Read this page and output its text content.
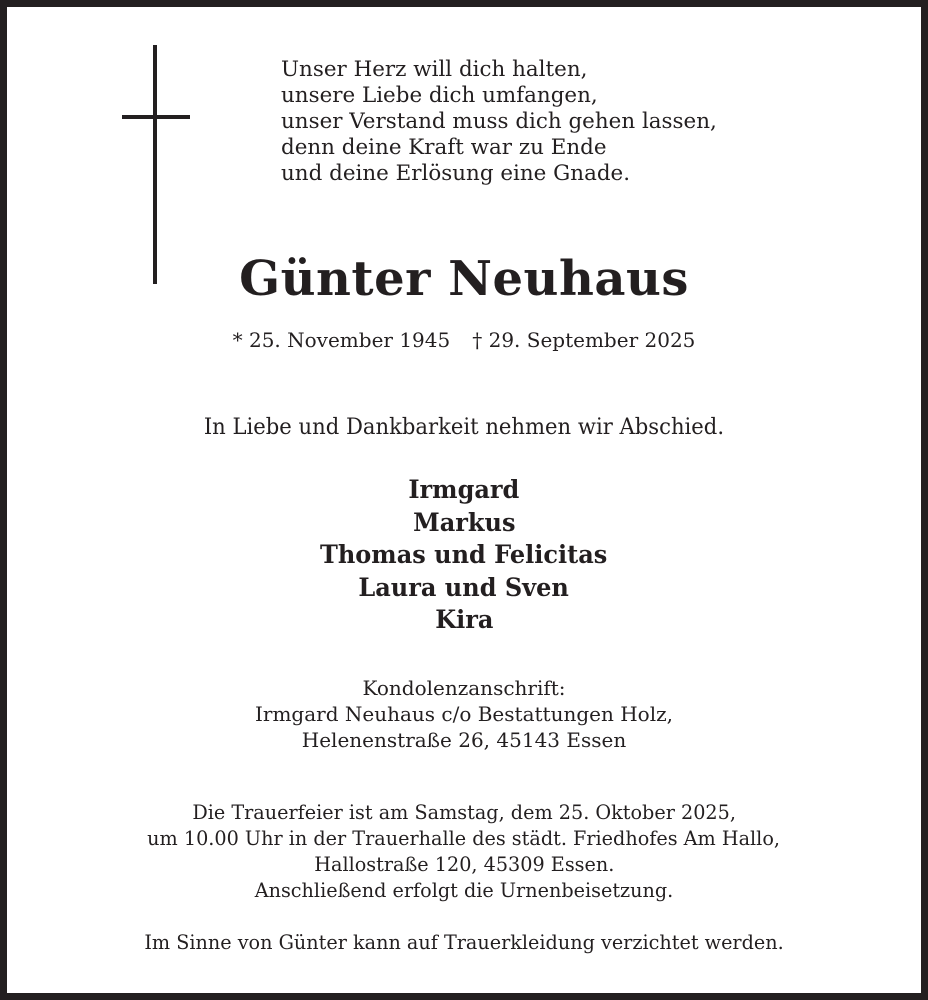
Unser Herz will dich halten,
unsere Liebe dich umfangen,
unser Verstand muss dich gehen lassen,
denn deine Kraft war zu Ende
und deine Erlösung eine Gnade.
Günter Neuhaus
* 25. November 1945 † 29. September 2025
In Liebe und Dankbarkeit nehmen wir Abschied.
Irmgard
Markus
Thomas und Felicitas
Laura und Sven
Kira
Kondolenzanschrift:
Irmgard Neuhaus c/o Bestattungen Holz,
Helenenstraße 26, 45143 Essen
Die Trauerfeier ist am Samstag, dem 25. Oktober 2025,
um 10.00 Uhr in der Trauerhalle des städt. Friedhofes Am Hallo,
Hallostraße 120, 45309 Essen.
Anschließend erfolgt die Urnenbeisetzung.
Im Sinne von Günter kann auf Trauerkleidung verzichtet werden.
